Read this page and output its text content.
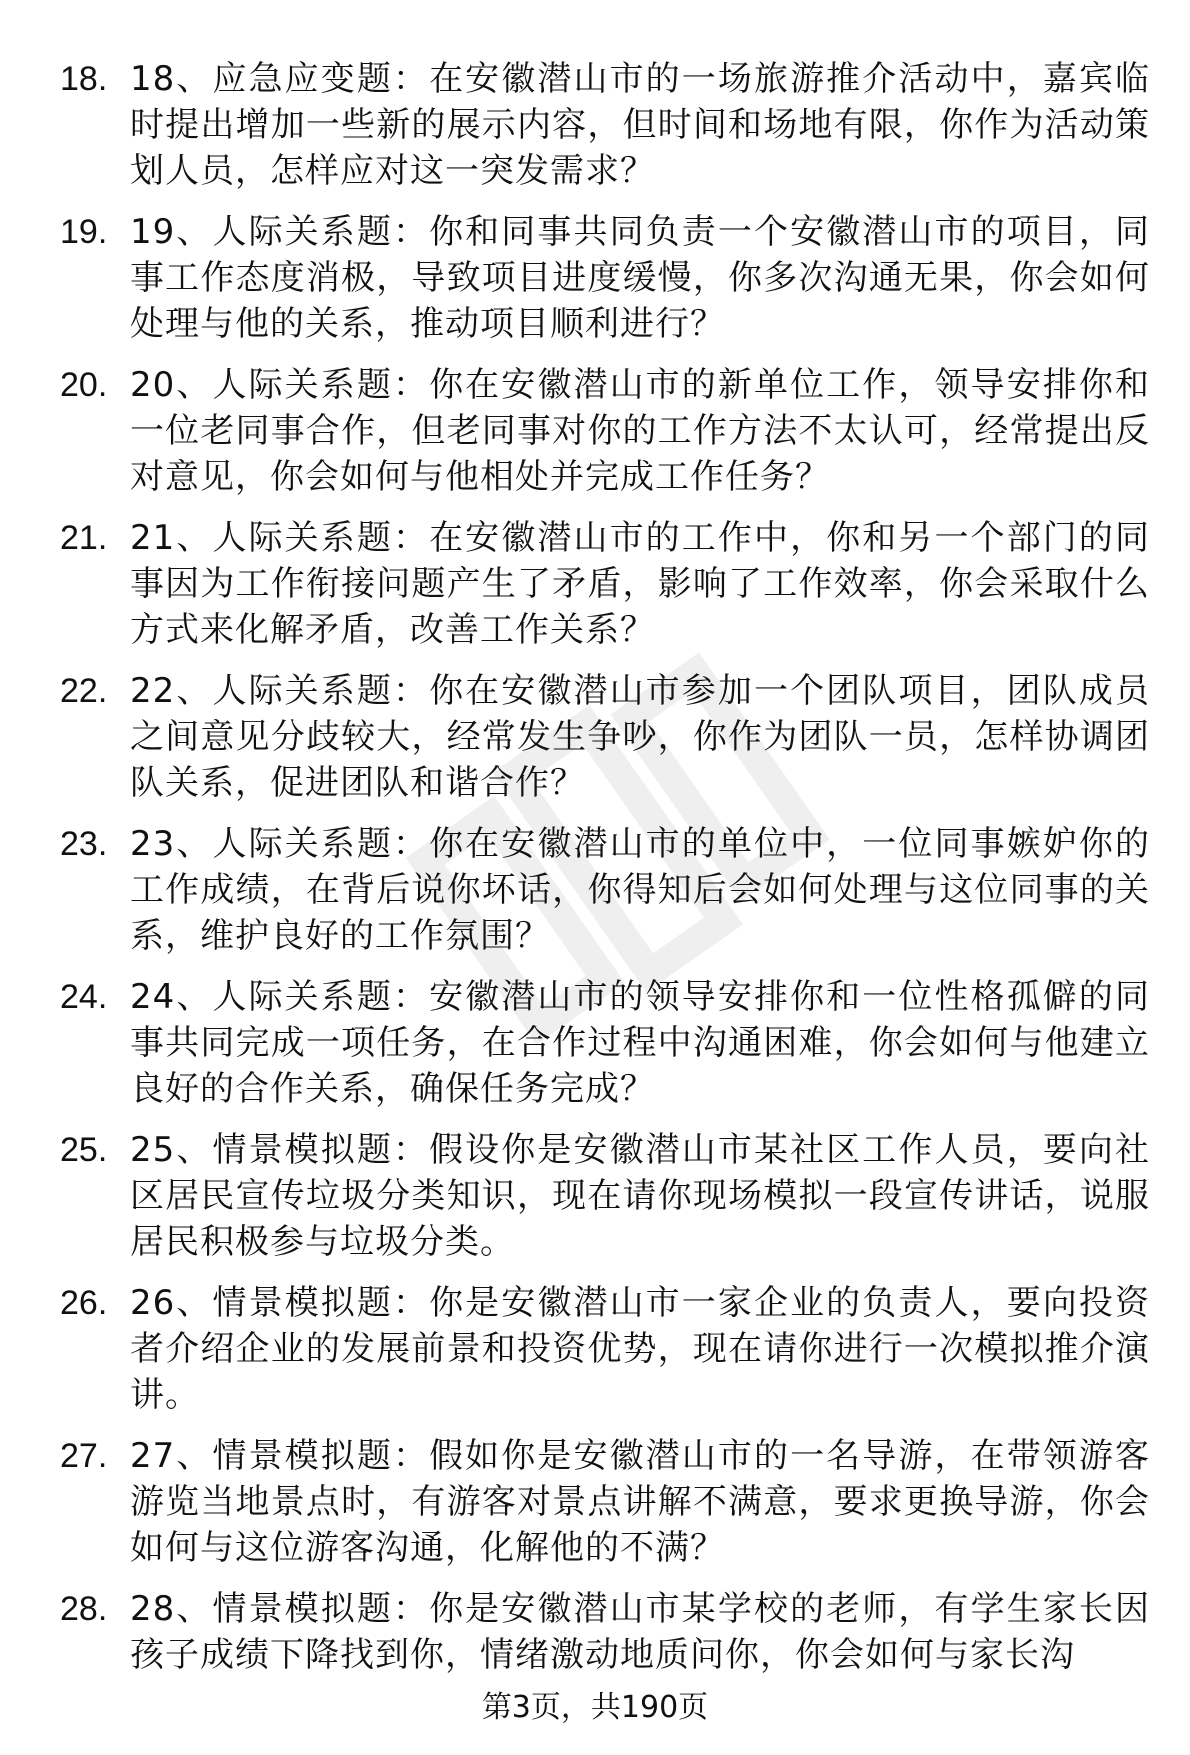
18. 18、应急应变题：在安徽潜山市的一场旅游推介活动中，嘉宾临时提出增加一些新的展示内容，但时间和场地有限，你作为活动策划人员，怎样应对这一突发需求？
19. 19、人际关系题：你和同事共同负责一个安徽潜山市的项目，同事工作态度消极，导致项目进度缓慢，你多次沟通无果，你会如何处理与他的关系，推动项目顺利进行？
20. 20、人际关系题：你在安徽潜山市的新单位工作，领导安排你和一位老同事合作，但老同事对你的工作方法不太认可，经常提出反对意见，你会如何与他相处并完成工作任务？
21. 21、人际关系题：在安徽潜山市的工作中，你和另一个部门的同事因为工作衔接问题产生了矛盾，影响了工作效率，你会采取什么方式来化解矛盾，改善工作关系？
22. 22、人际关系题：你在安徽潜山市参加一个团队项目，团队成员之间意见分歧较大，经常发生争吵，你作为团队一员，怎样协调团队关系，促进团队和谐合作？
23. 23、人际关系题：你在安徽潜山市的单位中，一位同事嫉妒你的工作成绩，在背后说你坏话，你得知后会如何处理与这位同事的关系，维护良好的工作氛围？
24. 24、人际关系题：安徽潜山市的领导安排你和一位性格孤僻的同事共同完成一项任务，在合作过程中沟通困难，你会如何与他建立良好的合作关系，确保任务完成？
25. 25、情景模拟题：假设你是安徽潜山市某社区工作人员，要向社区居民宣传垃圾分类知识，现在请你现场模拟一段宣传讲话，说服居民积极参与垃圾分类。
26. 26、情景模拟题：你是安徽潜山市一家企业的负责人，要向投资者介绍企业的发展前景和投资优势，现在请你进行一次模拟推介演讲。
27. 27、情景模拟题：假如你是安徽潜山市的一名导游，在带领游客游览当地景点时，有游客对景点讲解不满意，要求更换导游，你会如何与这位游客沟通，化解他的不满？
28. 28、情景模拟题：你是安徽潜山市某学校的老师，有学生家长因孩子成绩下降找到你，情绪激动地质问你，你会如何与家长沟
第3页，共190页
